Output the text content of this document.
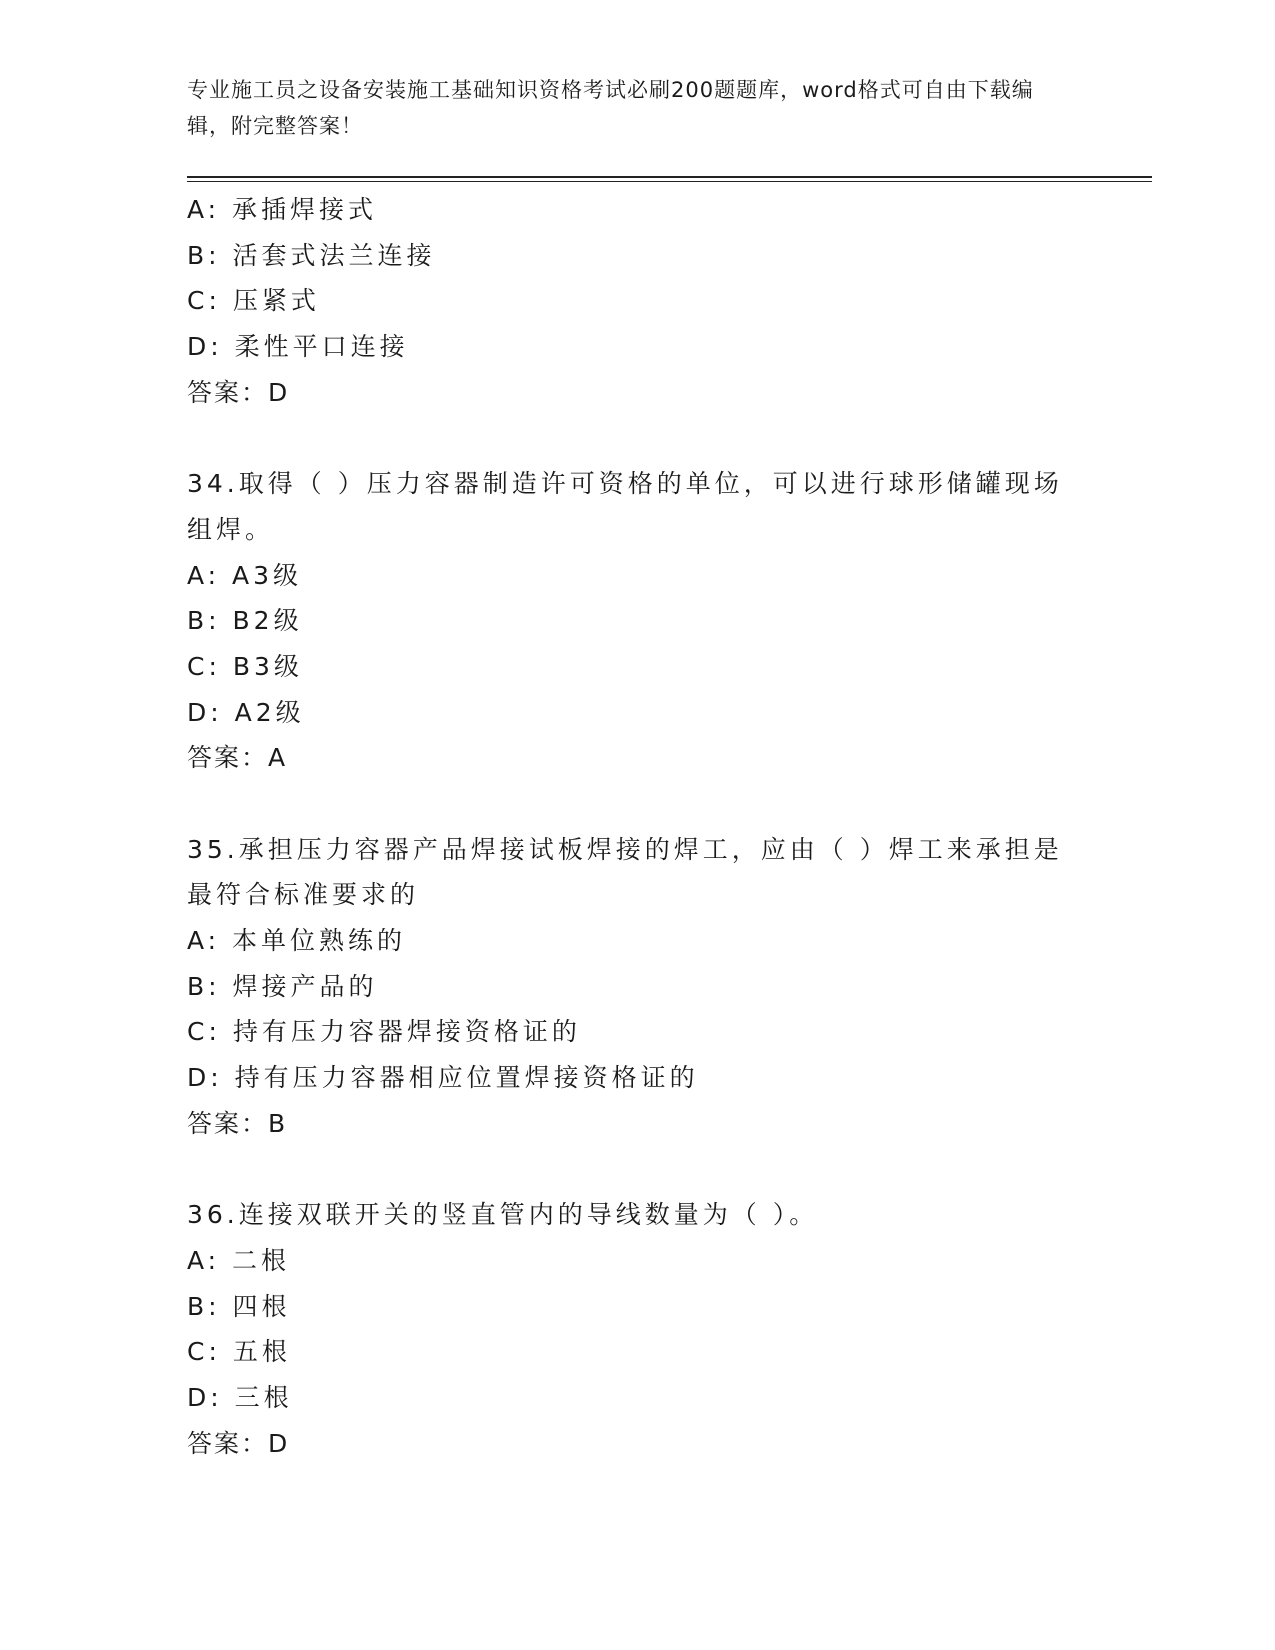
专业施工员之设备安装施工基础知识资格考试必刷200题题库，word格式可自由下载编辑，附完整答案！
A: 承插焊接式
B: 活套式法兰连接
C: 压紧式
D: 柔性平口连接
答案：D
34.取得（ ）压力容器制造许可资格的单位，可以进行球形储罐现场
组焊。
A: A3级
B: B2级
C: B3级
D: A2级
答案：A
35.承担压力容器产品焊接试板焊接的焊工，应由（ ）焊工来承担是
最符合标准要求的
A: 本单位熟练的
B: 焊接产品的
C: 持有压力容器焊接资格证的
D: 持有压力容器相应位置焊接资格证的
答案：B
36.连接双联开关的竖直管内的导线数量为（ ）。
A: 二根
B: 四根
C: 五根
D: 三根
答案：D
